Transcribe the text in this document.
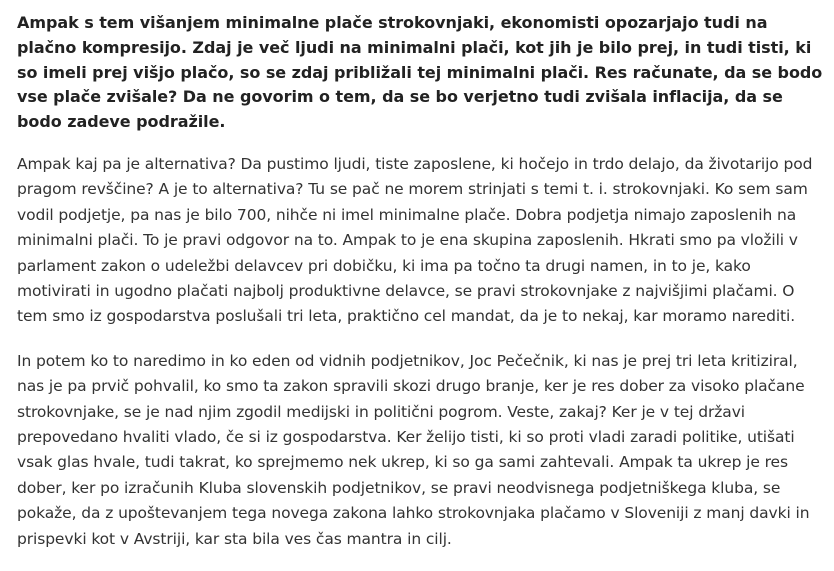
Ampak s tem višanjem minimalne plače strokovnjaki, ekonomisti opozarjajo tudi na plačno kompresijo. Zdaj je več ljudi na minimalni plači, kot jih je bilo prej, in tudi tisti, ki so imeli prej višjo plačo, so se zdaj približali tej minimalni plači. Res računate, da se bodo vse plače zvišale? Da ne govorim o tem, da se bo verjetno tudi zvišala inflacija, da se bodo zadeve podražile.

Ampak kaj pa je alternativa? Da pustimo ljudi, tiste zaposlene, ki hočejo in trdo delajo, da životarijo pod pragom revščine? A je to alternativa? Tu se pač ne morem strinjati s temi t. i. strokovnjaki. Ko sem sam vodil podjetje, pa nas je bilo 700, nihče ni imel minimalne plače. Dobra podjetja nimajo zaposlenih na minimalni plači. To je pravi odgovor na to. Ampak to je ena skupina zaposlenih. Hkrati smo pa vložili v parlament zakon o udeležbi delavcev pri dobičku, ki ima pa točno ta drugi namen, in to je, kako motivirati in ugodno plačati najbolj produktivne delavce, se pravi strokovnjake z najvišjimi plačami. O tem smo iz gospodarstva poslušali tri leta, praktično cel mandat, da je to nekaj, kar moramo narediti.

In potem ko to naredimo in ko eden od vidnih podjetnikov, Joc Pečečnik, ki nas je prej tri leta kritiziral, nas je pa prvič pohvalil, ko smo ta zakon spravili skozi drugo branje, ker je res dober za visoko plačane strokovnjake, se je nad njim zgodil medijski in politični pogrom. Veste, zakaj? Ker je v tej državi prepovedano hvaliti vlado, če si iz gospodarstva. Ker želijo tisti, ki so proti vladi zaradi politike, utišati vsak glas hvale, tudi takrat, ko sprejmemo nek ukrep, ki so ga sami zahtevali. Ampak ta ukrep je res dober, ker po izračunih Kluba slovenskih podjetnikov, se pravi neodvisnega podjetniškega kluba, se pokaže, da z upoštevanjem tega novega zakona lahko strokovnjaka plačamo v Sloveniji z manj davki in prispevki kot v Avstriji, kar sta bila ves čas mantra in cilj.
